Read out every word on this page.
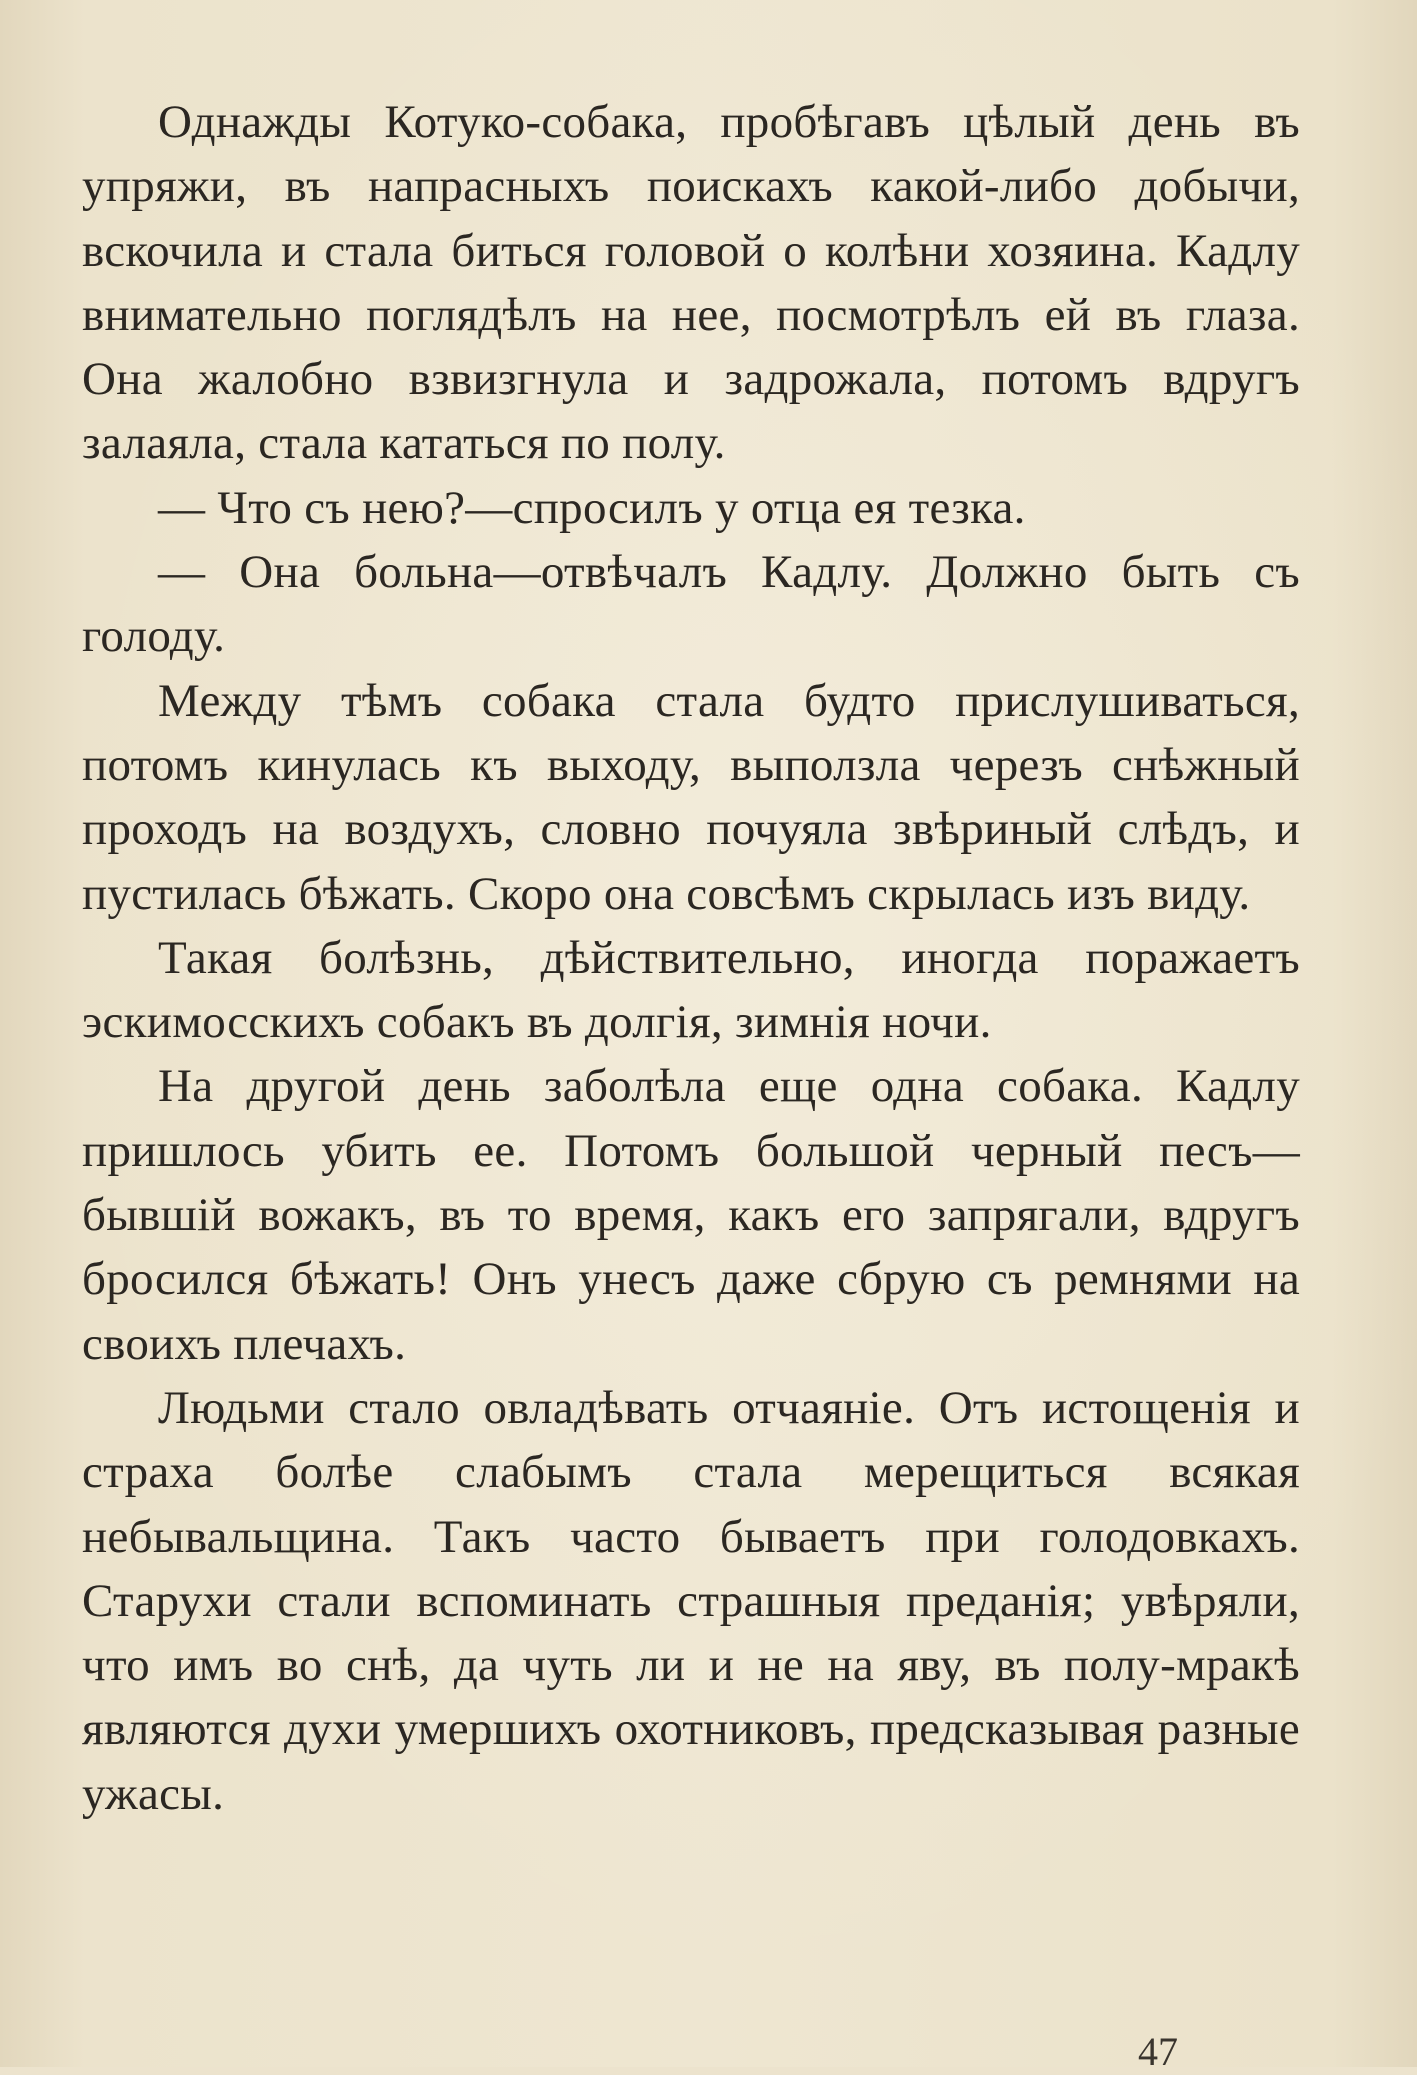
Однажды Котуко-собака, пробѣгавъ цѣлый день въ упряжи, въ напрасныхъ поискахъ какой-либо добычи, вскочила и стала биться головой о колѣни хозяина. Кадлу внимательно поглядѣлъ на нее, посмотрѣлъ ей въ глаза. Она жалобно взвизгнула и задрожала, потомъ вдругъ залаяла, стала кататься по полу.

— Что съ нею?—спросилъ у отца ея тезка.

— Она больна—отвѣчалъ Кадлу. Должно быть съ голоду.

Между тѣмъ собака стала будто прислушиваться, потомъ кинулась къ выходу, выползла черезъ снѣжный проходъ на воздухъ, словно почуяла звѣриный слѣдъ, и пустилась бѣжать. Скоро она совсѣмъ скрылась изъ виду.

Такая болѣзнь, дѣйствительно, иногда поражаетъ эскимосскихъ собакъ въ долгія, зимнія ночи.

На другой день заболѣла еще одна собака. Кадлу пришлось убить ее. Потомъ большой черный песъ—бывшій вожакъ, въ то время, какъ его запрягали, вдругъ бросился бѣжать! Онъ унесъ даже сбрую съ ремнями на своихъ плечахъ.

Людьми стало овладѣвать отчаяніе. Отъ истощенія и страха болѣе слабымъ стала мерещиться всякая небывальщина. Такъ часто бываетъ при голодовкахъ. Старухи стали вспоминать страшныя преданія; увѣряли, что имъ во снѣ, да чуть ли и не на яву, въ полу-мракѣ являются духи умершихъ охотниковъ, предсказывая разные ужасы.

47
